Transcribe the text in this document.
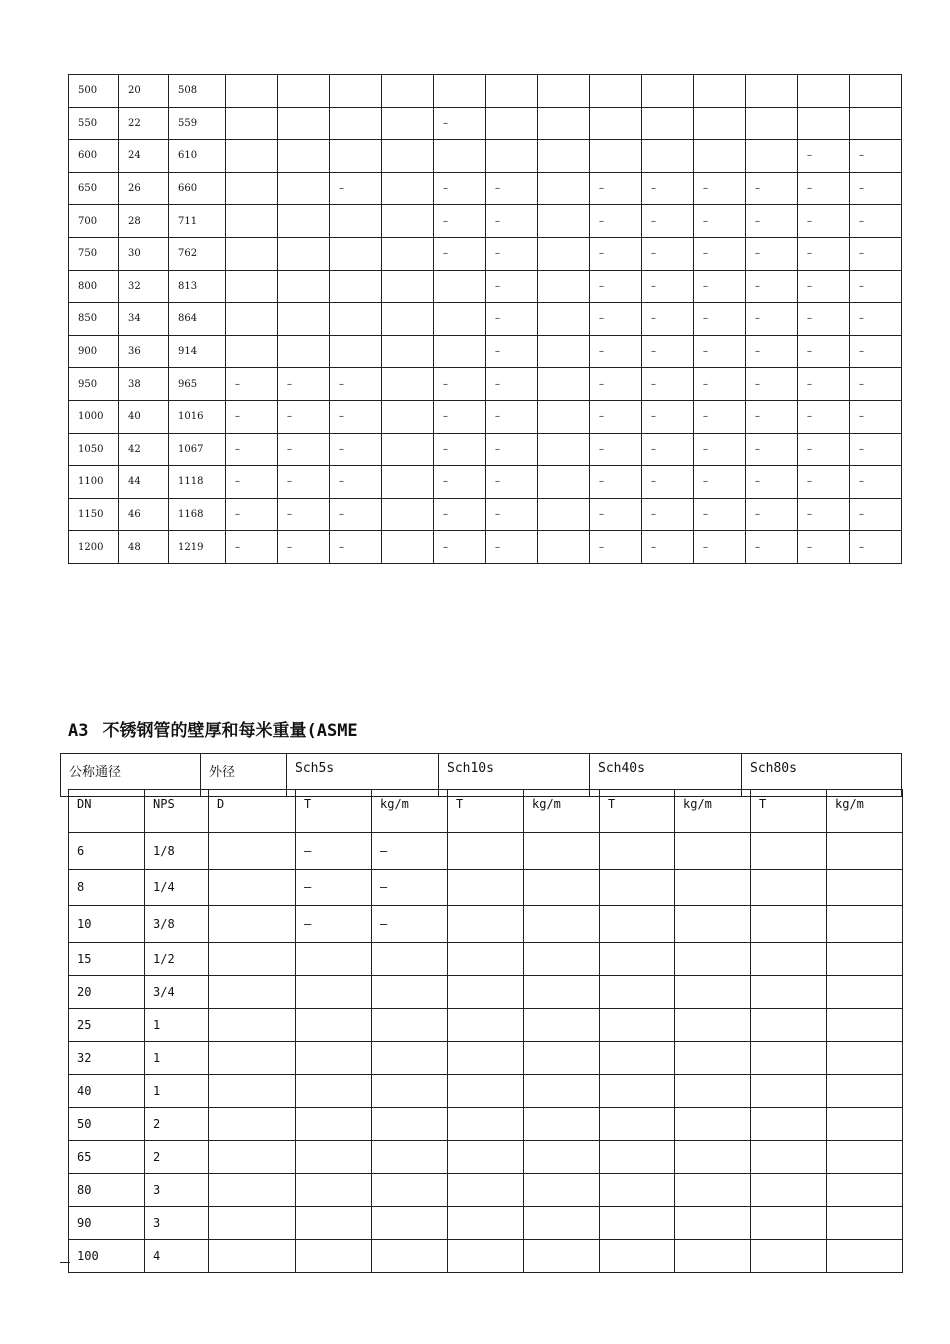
500	20	508													
550	22	559					–								
600	24	610												–	–
650	26	660			–		–	–		–	–	–	–	–	–
700	28	711					–	–		–	–	–	–	–	–
750	30	762					–	–		–	–	–	–	–	–
800	32	813						–		–	–	–	–	–	–
850	34	864						–		–	–	–	–	–	–
900	36	914						–		–	–	–	–	–	–
950	38	965	–	–	–		–	–		–	–	–	–	–	–
1000	40	1016	–	–	–		–	–		–	–	–	–	–	–
1050	42	1067	–	–	–		–	–		–	–	–	–	–	–
1100	44	1118	–	–	–		–	–		–	–	–	–	–	–
1150	46	1168	–	–	–		–	–		–	–	–	–	–	–
1200	48	1219	–	–	–		–	–		–	–	–	–	–	–
A3 不锈钢管的壁厚和每米重量(ASME
公称通径	外径	Sch5s	Sch10s	Sch40s	Sch80s
DN	NPS	D	T	kg/m	T	kg/m	T	kg/m	T	kg/m
6	1/8		–	–						
8	1/4		–	–						
10	3/8		–	–						
15	1/2									
20	3/4									
25	1									
32	1									
40	1									
50	2									
65	2									
80	3									
90	3									
100	4									
